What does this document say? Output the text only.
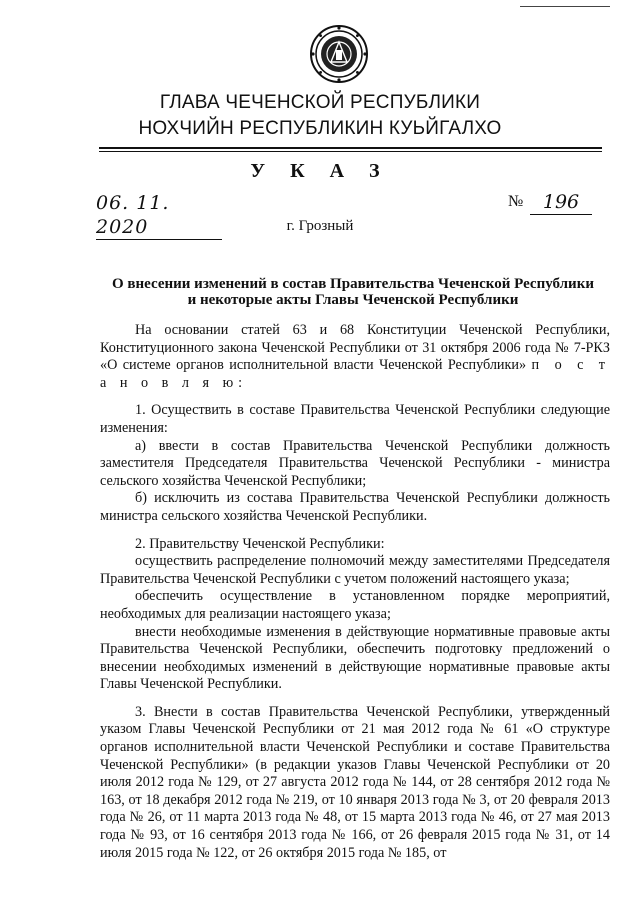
ГЛАВА ЧЕЧЕНСКОЙ РЕСПУБЛИКИ
НОХЧИЙН РЕСПУБЛИКИН КУЬЙГАЛХО
У К А З
06. 11. 2020
№	196
г. Грозный
О внесении изменений в состав Правительства Чеченской Республики
и некоторые акты Главы Чеченской Республики

На основании статей 63 и 68 Конституции Чеченской Республики, Конституционного закона Чеченской Республики от 31 октября 2006 года № 7-РКЗ «О системе органов исполнительной власти Чеченской Республики» п о с т а н о в л я ю:

1. Осуществить в составе Правительства Чеченской Республики следующие изменения:

а) ввести в состав Правительства Чеченской Республики должность заместителя Председателя Правительства Чеченской Республики - министра сельского хозяйства Чеченской Республики;

б) исключить из состава Правительства Чеченской Республики должность министра сельского хозяйства Чеченской Республики.

2. Правительству Чеченской Республики:

осуществить распределение полномочий между заместителями Председателя Правительства Чеченской Республики с учетом положений настоящего указа;

обеспечить осуществление в установленном порядке мероприятий, необходимых для реализации настоящего указа;

внести необходимые изменения в действующие нормативные правовые акты Правительства Чеченской Республики, обеспечить подготовку предложений о внесении необходимых изменений в действующие нормативные правовые акты Главы Чеченской Республики.

3. Внести в состав Правительства Чеченской Республики, утвержденный указом Главы Чеченской Республики от 21 мая 2012 года № 61 «О структуре органов исполнительной власти Чеченской Республики и составе Правительства Чеченской Республики» (в редакции указов Главы Чеченской Республики от 20 июля 2012 года № 129, от 27 августа 2012 года № 144, от 28 сентября 2012 года № 163, от 18 декабря 2012 года № 219, от 10 января 2013 года № 3, от 20 февраля 2013 года № 26, от 11 марта 2013 года № 48, от 15 марта 2013 года № 46, от 27 мая 2013 года № 93, от 16 сентября 2013 года № 166, от 26 февраля 2015 года № 31, от 14 июля 2015 года № 122, от 26 октября 2015 года № 185, от
